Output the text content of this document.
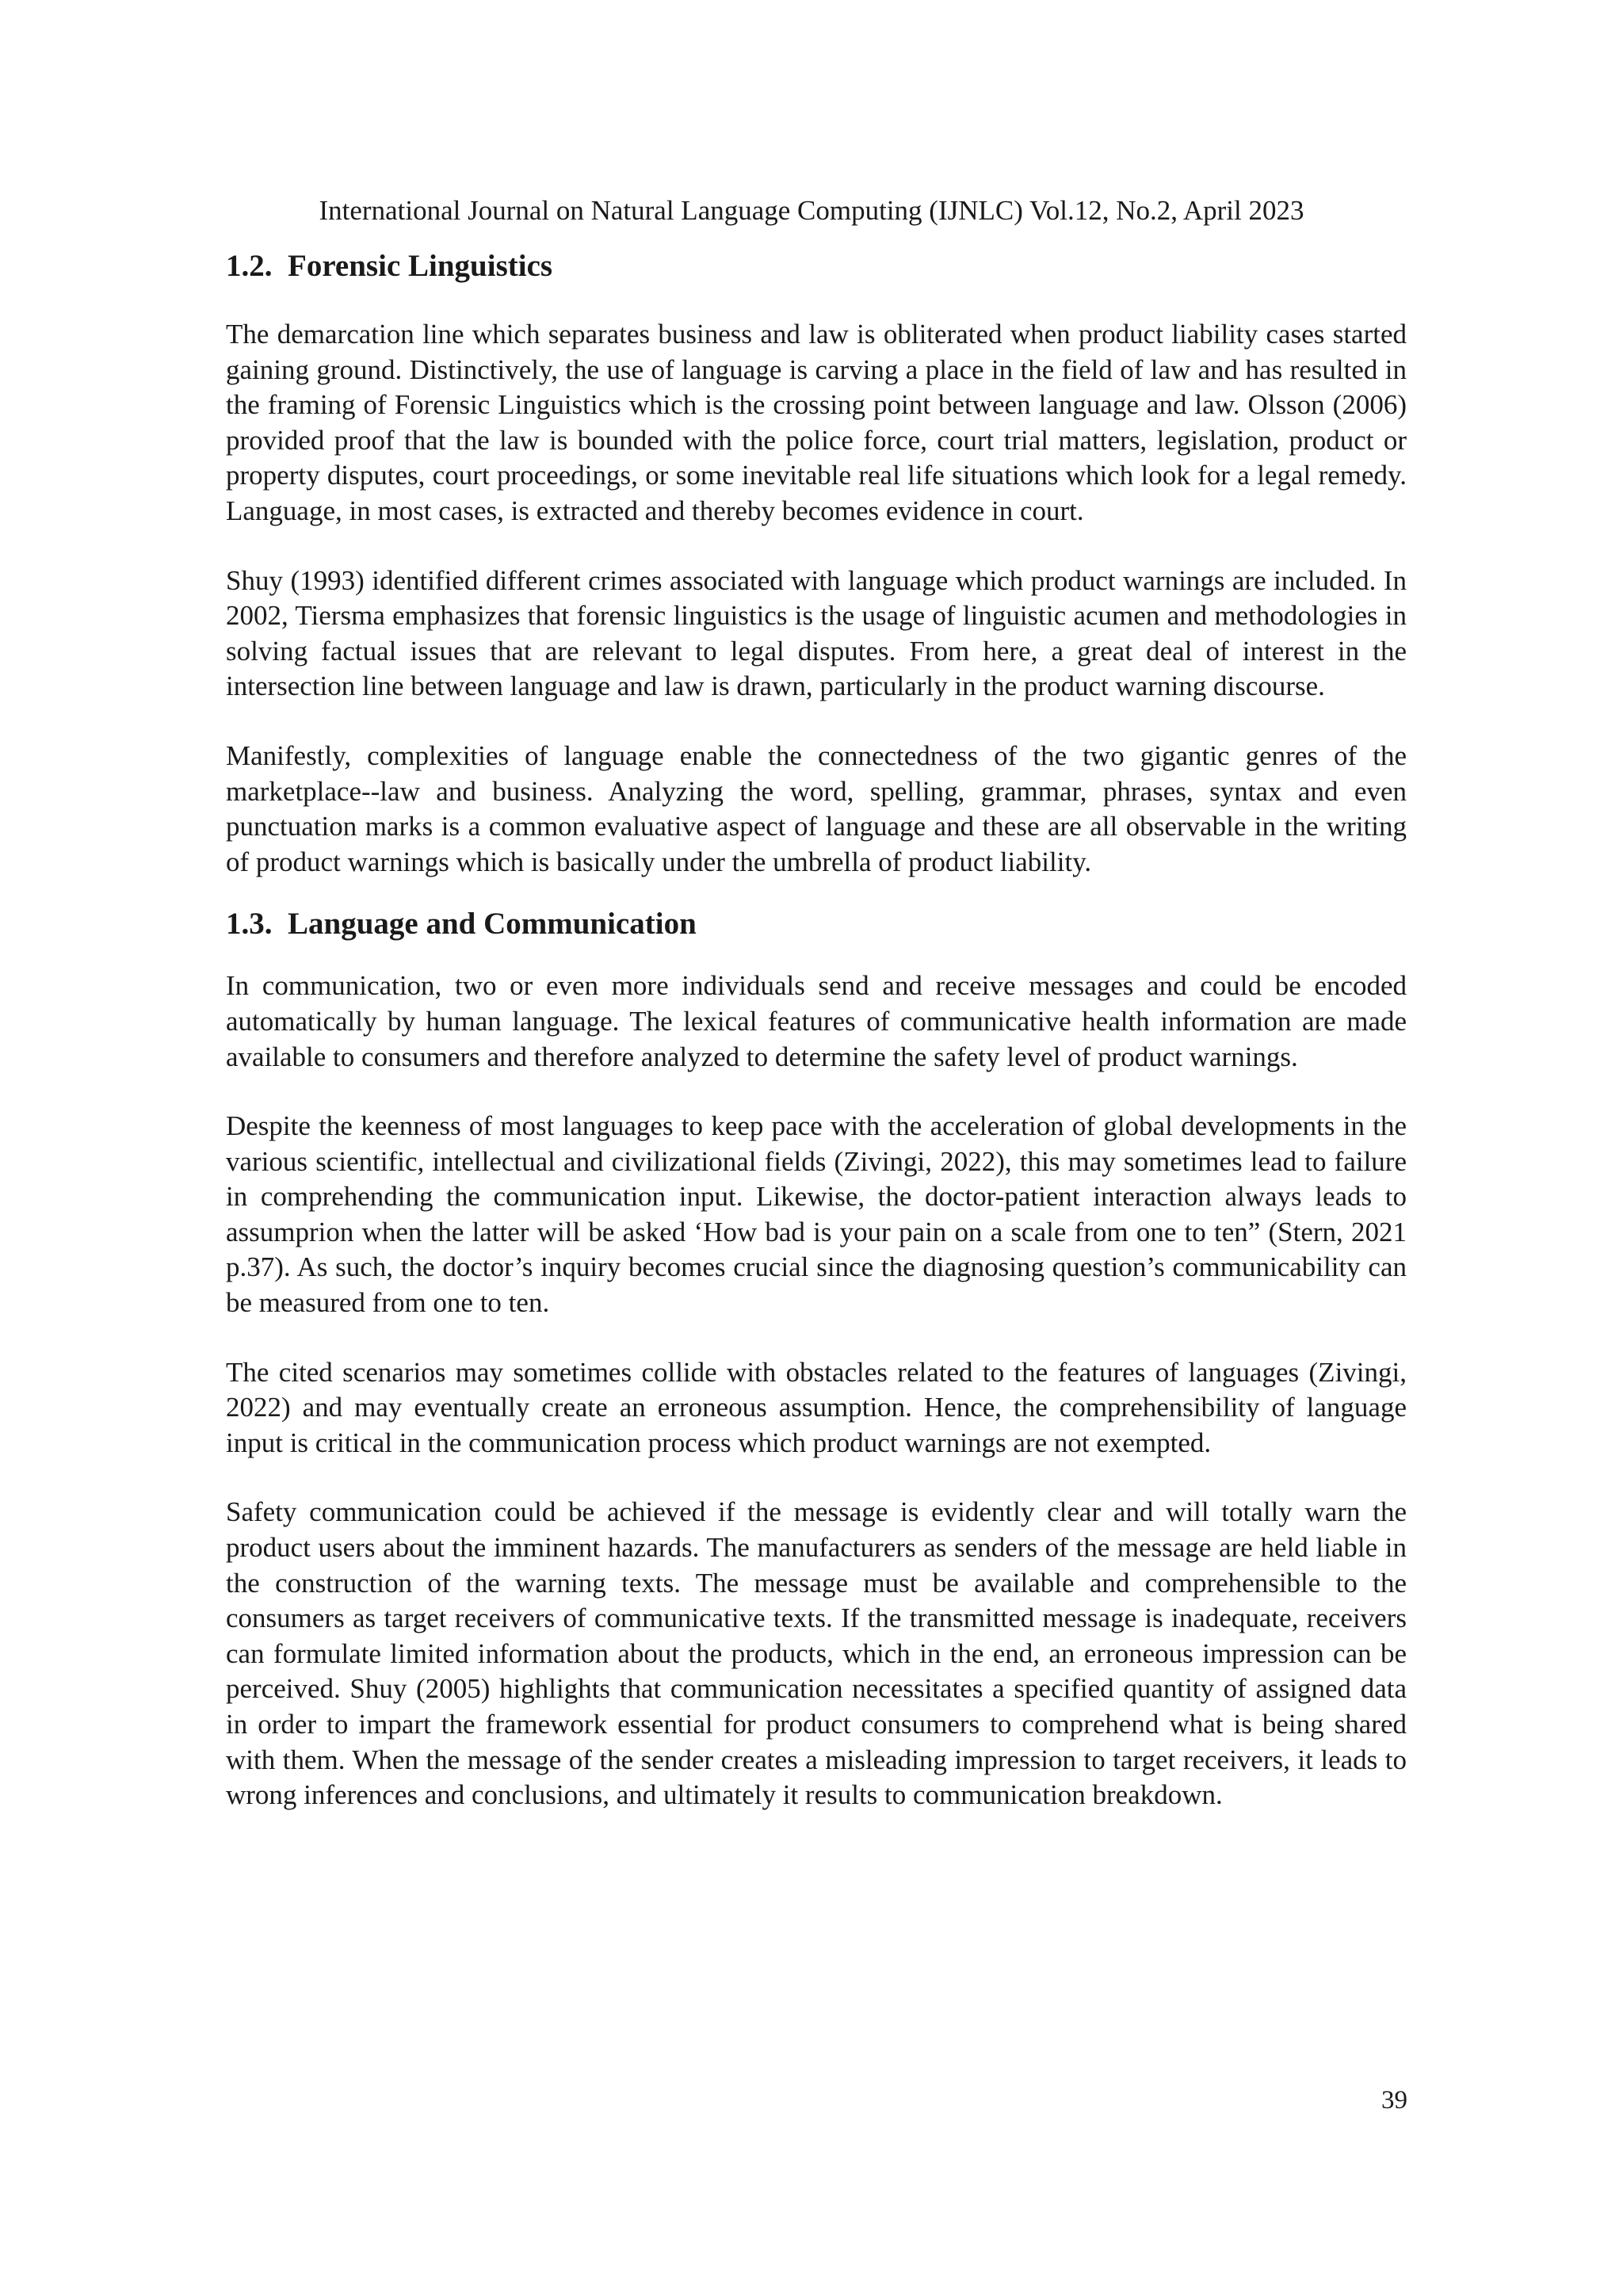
International Journal on Natural Language Computing (IJNLC) Vol.12, No.2, April 2023
1.2. Forensic Linguistics

The demarcation line which separates business and law is obliterated when product liability cases started gaining ground. Distinctively, the use of language is carving a place in the field of law and has resulted in the framing of Forensic Linguistics which is the crossing point between language and law. Olsson (2006) provided proof that the law is bounded with the police force, court trial matters, legislation, product or property disputes, court proceedings, or some inevitable real life situations which look for a legal remedy. Language, in most cases, is extracted and thereby becomes evidence in court.

Shuy (1993) identified different crimes associated with language which product warnings are included. In 2002, Tiersma emphasizes that forensic linguistics is the usage of linguistic acumen and methodologies in solving factual issues that are relevant to legal disputes. From here, a great deal of interest in the intersection line between language and law is drawn, particularly in the product warning discourse.

Manifestly, complexities of language enable the connectedness of the two gigantic genres of the marketplace--law and business. Analyzing the word, spelling, grammar, phrases, syntax and even punctuation marks is a common evaluative aspect of language and these are all observable in the writing of product warnings which is basically under the umbrella of product liability.

1.3. Language and Communication

In communication, two or even more individuals send and receive messages and could be encoded automatically by human language. The lexical features of communicative health information are made available to consumers and therefore analyzed to determine the safety level of product warnings.

Despite the keenness of most languages to keep pace with the acceleration of global developments in the various scientific, intellectual and civilizational fields (Zivingi, 2022), this may sometimes lead to failure in comprehending the communication input. Likewise, the doctor-patient interaction always leads to assumprion when the latter will be asked ‘How bad is your pain on a scale from one to ten” (Stern, 2021 p.37). As such, the doctor’s inquiry becomes crucial since the diagnosing question’s communicability can be measured from one to ten.

The cited scenarios may sometimes collide with obstacles related to the features of languages (Zivingi, 2022) and may eventually create an erroneous assumption. Hence, the comprehensibility of language input is critical in the communication process which product warnings are not exempted.

Safety communication could be achieved if the message is evidently clear and will totally warn the product users about the imminent hazards. The manufacturers as senders of the message are held liable in the construction of the warning texts. The message must be available and comprehensible to the consumers as target receivers of communicative texts. If the transmitted message is inadequate, receivers can formulate limited information about the products, which in the end, an erroneous impression can be perceived. Shuy (2005) highlights that communication necessitates a specified quantity of assigned data in order to impart the framework essential for product consumers to comprehend what is being shared with them. When the message of the sender creates a misleading impression to target receivers, it leads to wrong inferences and conclusions, and ultimately it results to communication breakdown.

39
